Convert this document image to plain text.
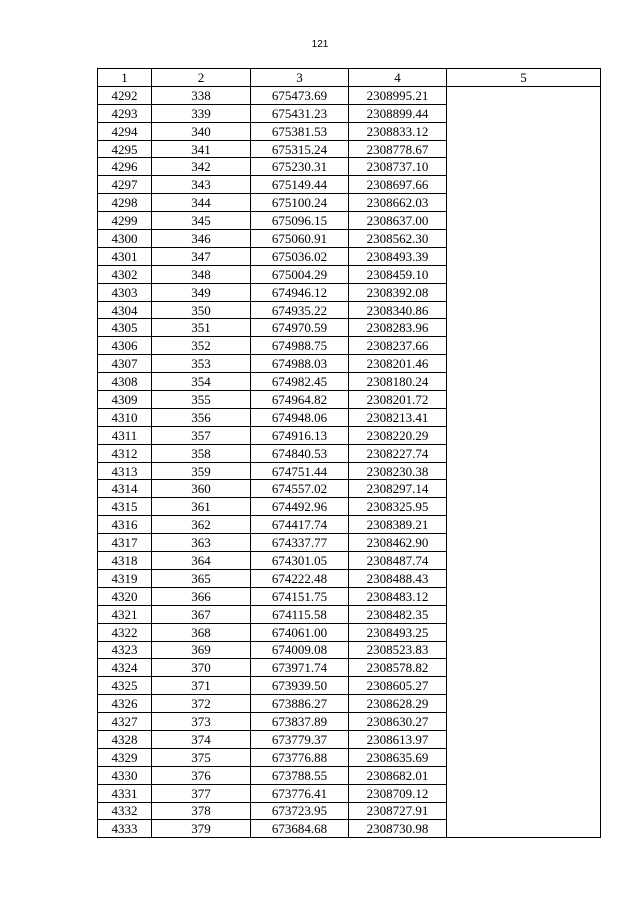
121
1	2	3	4	5
4292	338	675473.69	2308995.21	
4293	339	675431.23	2308899.44	
4294	340	675381.53	2308833.12	
4295	341	675315.24	2308778.67	
4296	342	675230.31	2308737.10	
4297	343	675149.44	2308697.66	
4298	344	675100.24	2308662.03	
4299	345	675096.15	2308637.00	
4300	346	675060.91	2308562.30	
4301	347	675036.02	2308493.39	
4302	348	675004.29	2308459.10	
4303	349	674946.12	2308392.08	
4304	350	674935.22	2308340.86	
4305	351	674970.59	2308283.96	
4306	352	674988.75	2308237.66	
4307	353	674988.03	2308201.46	
4308	354	674982.45	2308180.24	
4309	355	674964.82	2308201.72	
4310	356	674948.06	2308213.41	
4311	357	674916.13	2308220.29	
4312	358	674840.53	2308227.74	
4313	359	674751.44	2308230.38	
4314	360	674557.02	2308297.14	
4315	361	674492.96	2308325.95	
4316	362	674417.74	2308389.21	
4317	363	674337.77	2308462.90	
4318	364	674301.05	2308487.74	
4319	365	674222.48	2308488.43	
4320	366	674151.75	2308483.12	
4321	367	674115.58	2308482.35	
4322	368	674061.00	2308493.25	
4323	369	674009.08	2308523.83	
4324	370	673971.74	2308578.82	
4325	371	673939.50	2308605.27	
4326	372	673886.27	2308628.29	
4327	373	673837.89	2308630.27	
4328	374	673779.37	2308613.97	
4329	375	673776.88	2308635.69	
4330	376	673788.55	2308682.01	
4331	377	673776.41	2308709.12	
4332	378	673723.95	2308727.91	
4333	379	673684.68	2308730.98	
